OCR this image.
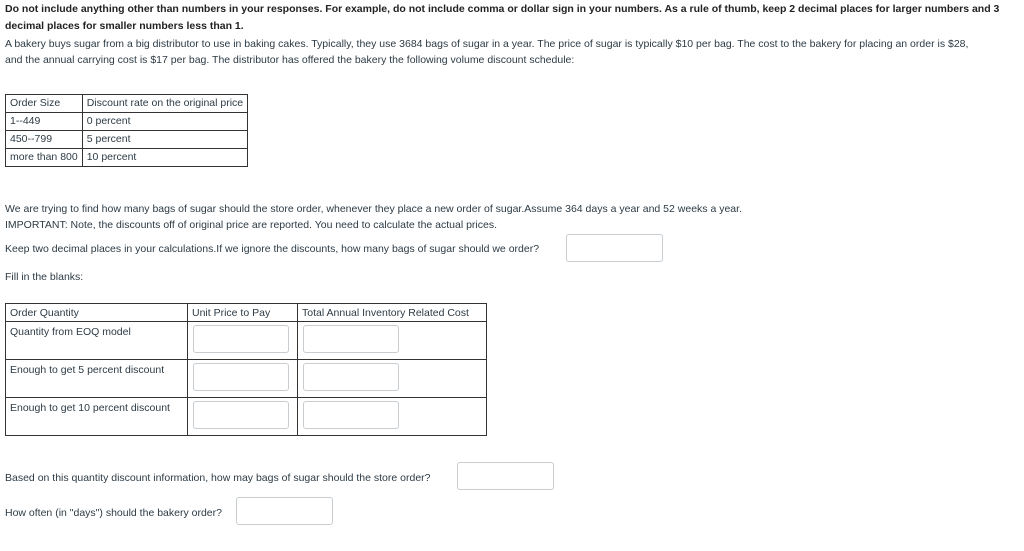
Do not include anything other than numbers in your responses. For example, do not include comma or dollar sign in your numbers. As a rule of thumb, keep 2 decimal places for larger numbers and 3

decimal places for smaller numbers less than 1.

A bakery buys sugar from a big distributor to use in baking cakes. Typically, they use 3684 bags of sugar in a year. The price of sugar is typically $10 per bag. The cost to the bakery for placing an order is $28,

and the annual carrying cost is $17 per bag. The distributor has offered the bakery the following volume discount schedule:

Order Size	Discount rate on the original price
1--449	0 percent
450--799	5 percent
more than 800	10 percent

We are trying to find how many bags of sugar should the store order, whenever they place a new order of sugar.Assume 364 days a year and 52 weeks a year.

IMPORTANT: Note, the discounts off of original price are reported. You need to calculate the actual prices.

Keep two decimal places in your calculations.If we ignore the discounts, how many bags of sugar should we order?

Fill in the blanks:

Order Quantity	Unit Price to Pay	Total Annual Inventory Related Cost
Quantity from EOQ model		
Enough to get 5 percent discount		
Enough to get 10 percent discount		

Based on this quantity discount information, how may bags of sugar should the store order?

How often (in "days") should the bakery order?
